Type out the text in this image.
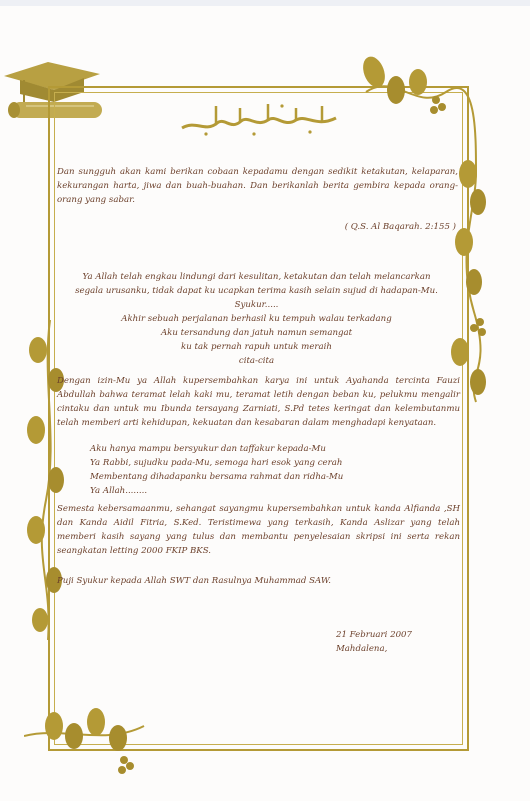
Dan sungguh akan kami berikan cobaan kepadamu dengan sedikit ketakutan, kelaparan, kekurangan harta, jiwa dan buah-buahan. Dan berikanlah berita gembira kepada orang-orang yang sabar.
( Q.S. Al Baqarah. 2:155 )
Ya Allah telah engkau lindungi dari kesulitan, ketakutan dan telah melancarkan
segala urusanku, tidak dapat ku ucapkan terima kasih selain sujud di hadapan-Mu.
Syukur.....
Akhir sebuah perjalanan berhasil ku tempuh walau terkadang
Aku tersandung dan jatuh namun semangat
ku tak pernah rapuh untuk meraih
cita-cita
Dengan izin-Mu ya Allah kupersembahkan karya ini untuk Ayahanda tercinta Fauzi Abdullah bahwa teramat lelah kaki mu, teramat letih dengan beban ku, pelukmu mengalir cintaku dan untuk mu Ibunda tersayang Zarniati, S.Pd tetes keringat dan kelembutanmu telah memberi arti kehidupan, kekuatan dan kesabaran dalam menghadapi kenyataan.
Aku hanya mampu bersyukur dan taffakur kepada-Mu
Ya Rabbi, sujudku pada-Mu, semoga hari esok yang cerah
Membentang dihadapanku bersama rahmat dan ridha-Mu
Ya Allah........
Semesta kebersamaanmu, sehangat sayangmu kupersembahkan untuk kanda Alfianda ,SH dan Kanda Aidil Fitria, S.Ked. Teristimewa yang terkasih, Kanda Aslizar yang telah memberi kasih sayang yang tulus dan membantu penyelesaian skripsi ini serta rekan seangkatan letting 2000 FKIP BKS.
Puji Syukur kepada Allah SWT dan Rasulnya Muhammad SAW.
21 Februari 2007
Mahdalena,
